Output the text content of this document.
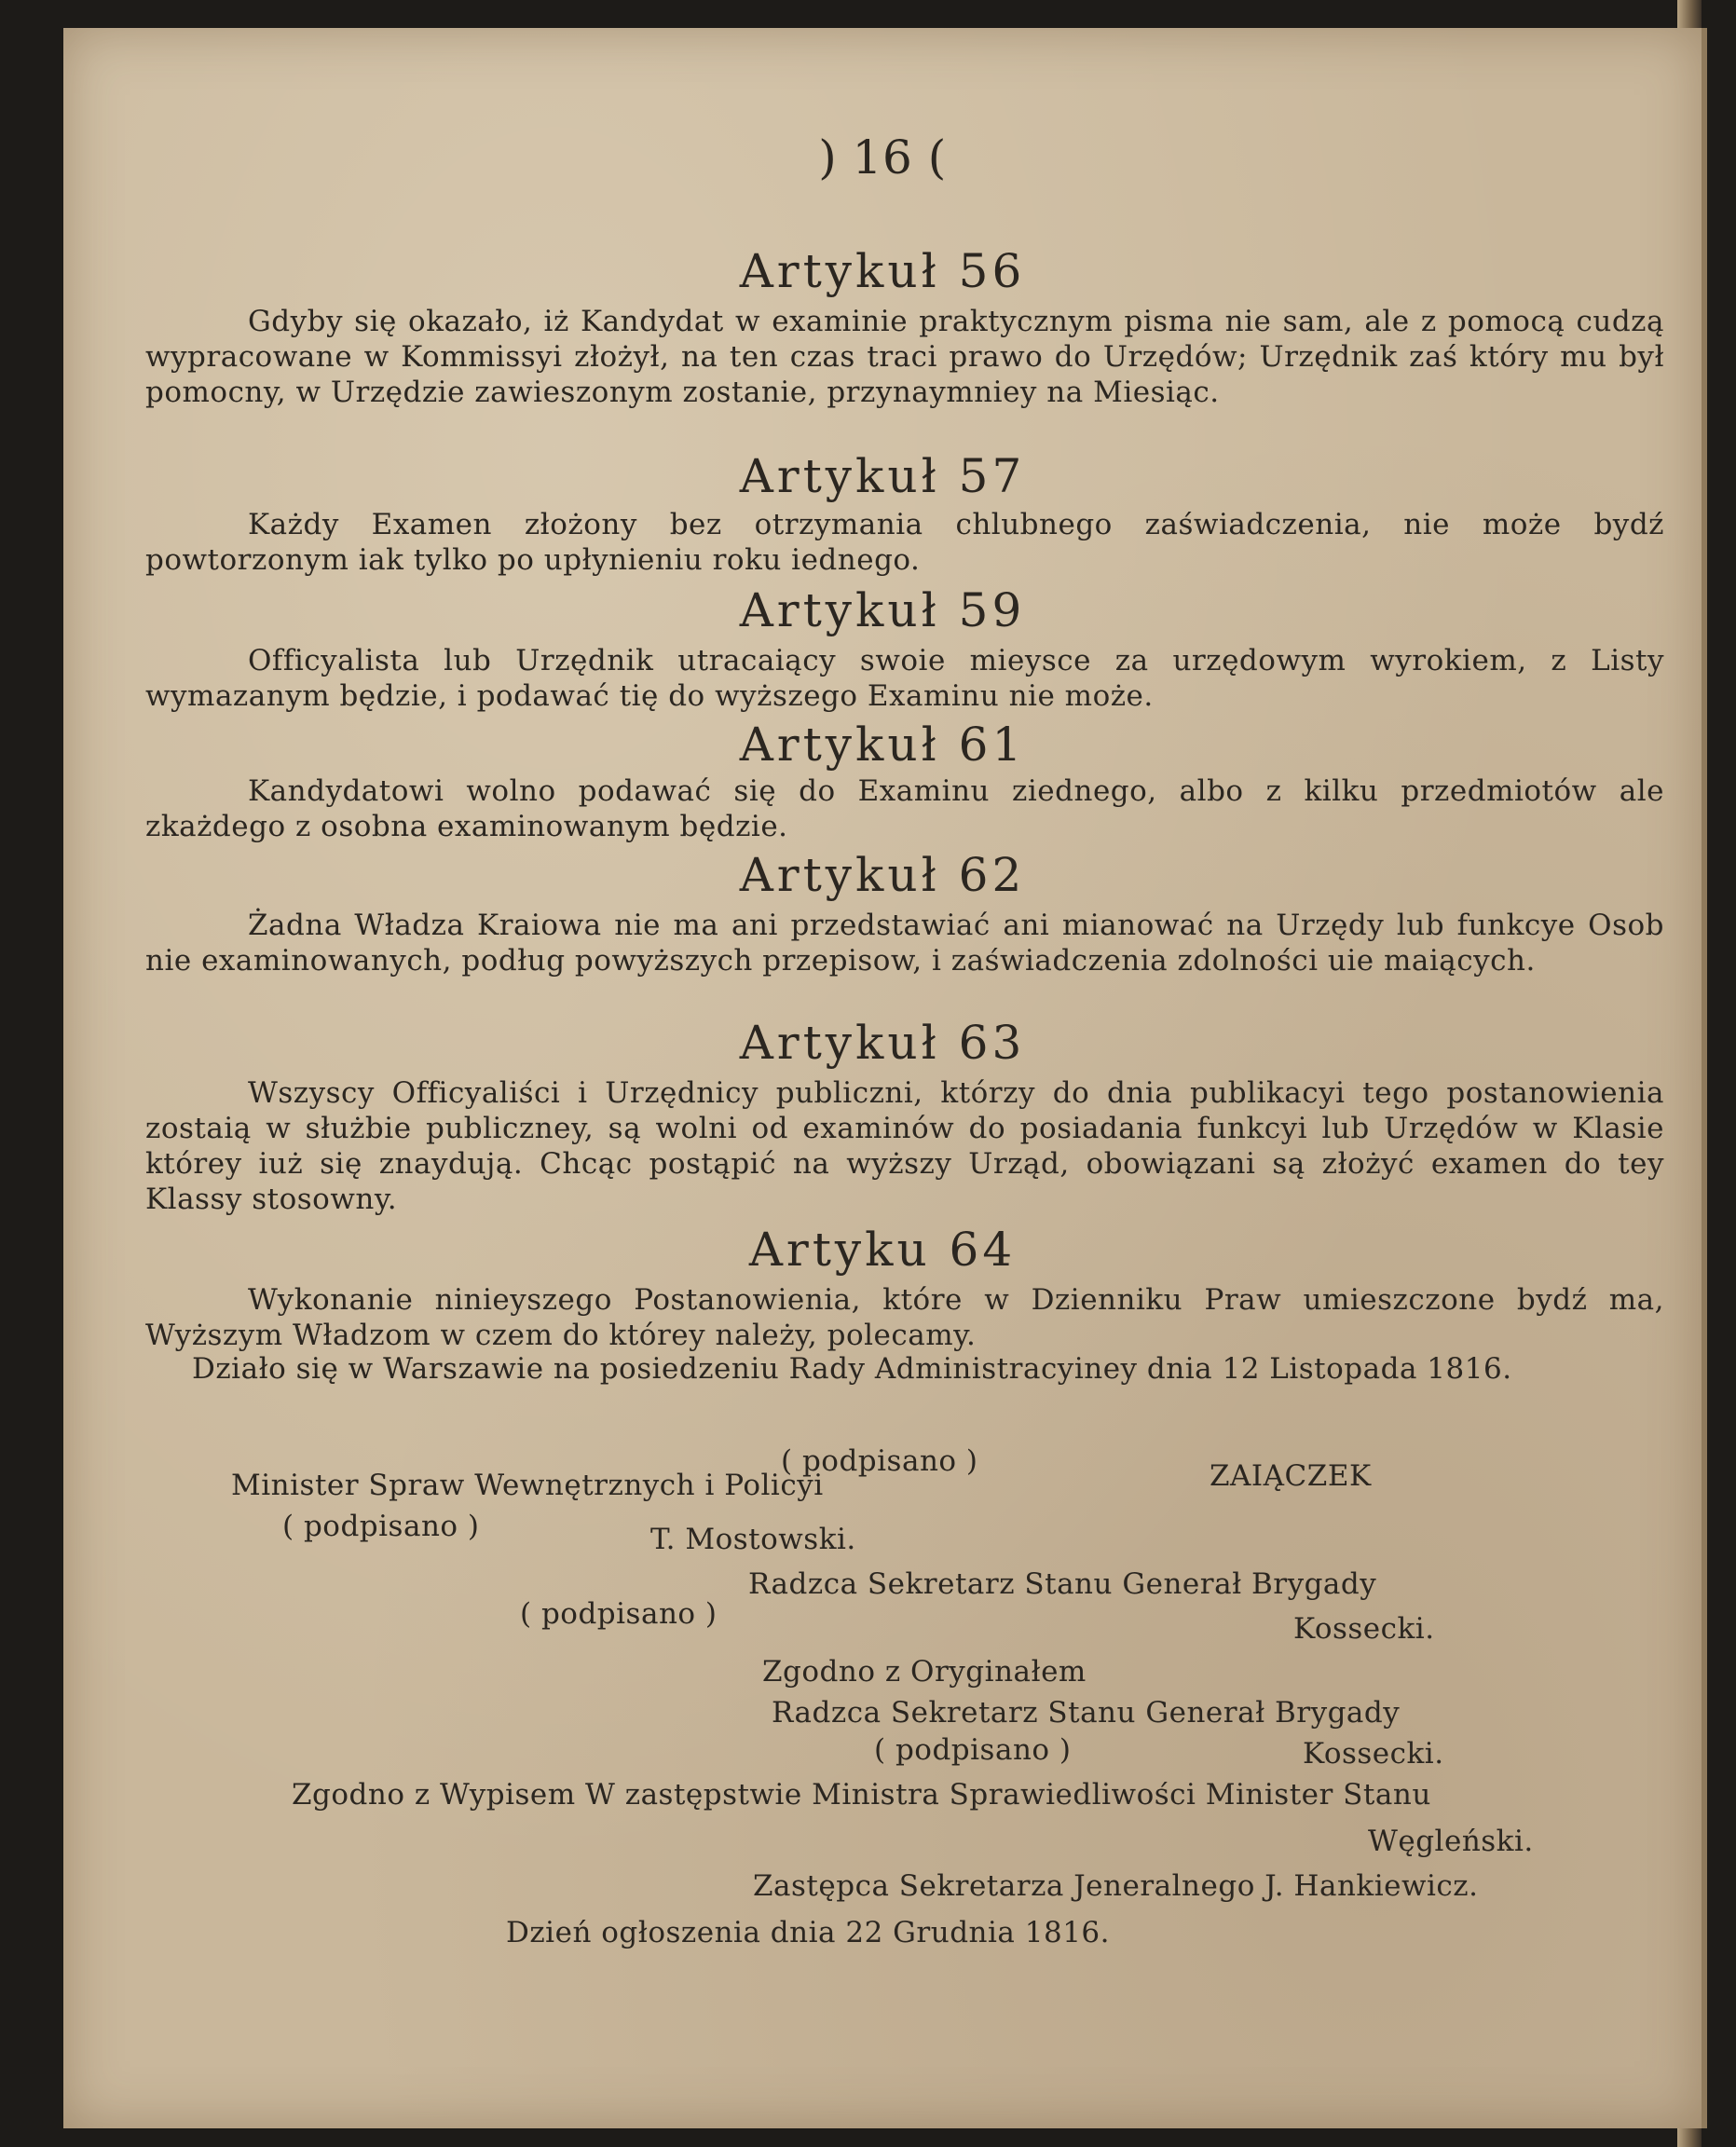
) 16 (
Artykuł 56
Gdyby się okazało, iż Kandydat w examinie praktycznym pisma nie sam, ale z pomocą cudzą wypracowane w Kommissyi złożył, na ten czas traci prawo do Urzędów; Urzędnik zaś który mu był pomocny, w Urzędzie zawieszonym zostanie, przynaymniey na Miesiąc.
Artykuł 57
Każdy Examen złożony bez otrzymania chlubnego zaświadczenia, nie może bydź powtorzonym iak tylko po upłynieniu roku iednego.
Artykuł 59
Officyalista lub Urzędnik utracaiący swoie mieysce za urzędowym wyrokiem, z Listy wymazanym będzie, i podawać tię do wyższego Examinu nie może.
Artykuł 61
Kandydatowi wolno podawać się do Examinu ziednego, albo z kilku przedmiotów ale zkażdego z osobna examinowanym będzie.
Artykuł 62
Żadna Władza Kraiowa nie ma ani przedstawiać ani mianować na Urzędy lub funkcye Osob nie examinowanych, podług powyższych przepisow, i zaświadczenia zdolności uie maiących.
Artykuł 63
Wszyscy Officyaliści i Urzędnicy publiczni, którzy do dnia publikacyi tego postanowienia zostaią w służbie publiczney, są wolni od examinów do posiadania funkcyi lub Urzędów w Klasie którey iuż się znaydują. Chcąc postąpić na wyższy Urząd, obowiązani są złożyć examen do tey Klassy stosowny.
Artyku 64
Wykonanie ninieyszego Postanowienia, które w Dzienniku Praw umieszczone bydź ma, Wyższym Władzom w czem do którey należy, polecamy.
Działo się w Warszawie na posiedzeniu Rady Administracyiney dnia 12 Listopada 1816.
( podpisano )	ZAIĄCZEK
Minister Spraw Wewnętrznych i Policyi
( podpisano )	T. Mostowski.
Radzca Sekretarz Stanu Generał Brygady
( podpisano )	Kossecki.
Zgodno z Oryginałem
Radzca Sekretarz Stanu Generał Brygady
( podpisano )	Kossecki.
Zgodno z Wypisem W zastępstwie Ministra Sprawiedliwości Minister Stanu
Węgleński.
Zastępca Sekretarza Jeneralnego J. Hankiewicz.
Dzień ogłoszenia dnia 22 Grudnia 1816.
